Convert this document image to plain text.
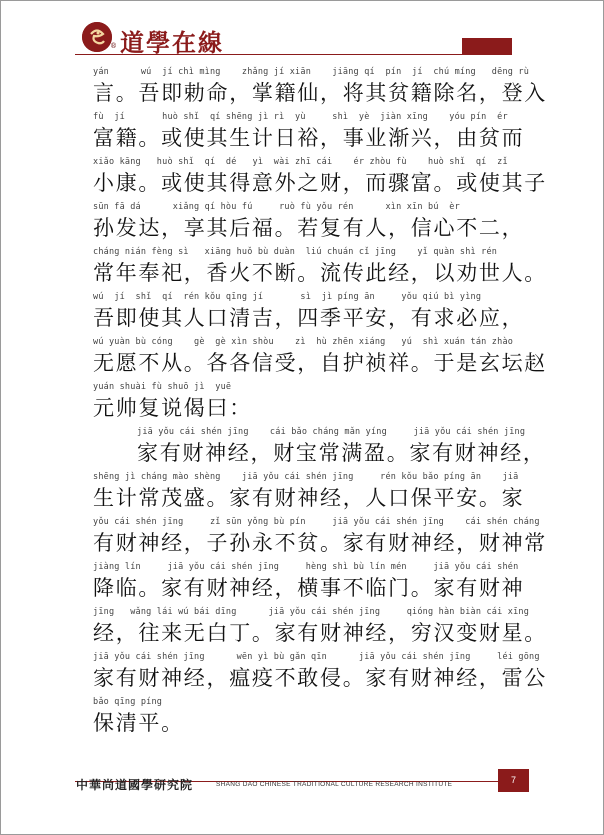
® 道學在線
yán      wú  jí chì mìng    zhǎng jí xiān    jiāng qí  pín  jí  chú míng   dēng rù
言。吾即勅命，掌籍仙，将其贫籍除名，登入
fù  jí       huò shǐ  qí shēng jì rì  yù     shì  yè  jiàn xīng    yóu pín  ér
富籍。或使其生计日裕，事业渐兴，由贫而
xiǎo kāng   huò shǐ  qí  dé   yì  wài zhī cái    ér zhòu fù    huò shǐ  qí  zǐ
小康。或使其得意外之财，而骤富。或使其子
sūn fā dá      xiǎng qí hòu fú     ruò fù yǒu rén      xìn xīn bú  èr
孙发达，享其后福。若复有人，信心不二，
cháng nián fèng sì   xiāng huǒ bù duàn  liú chuán cǐ jīng    yǐ quàn shì rén
常年奉祀，香火不断。流传此经，以劝世人。
wú  jí  shǐ  qí  rén kǒu qīng jí       sì  jì píng ān     yǒu qiú bì yìng
吾即使其人口清吉，四季平安，有求必应，
wú yuàn bù cóng    gè  gè xìn shòu    zì  hù zhēn xiáng   yú  shì xuán tán zhào
无愿不从。各各信受，自护祯祥。于是玄坛赵
yuán shuài fù shuō jì  yuē
元帅复说偈曰：
jiā yǒu cái shén jīng    cái bǎo cháng mǎn yíng     jiā yǒu cái shén jīng
家有财神经，财宝常满盈。家有财神经，
shēng jì cháng mào shèng    jiā yǒu cái shén jīng     rén kǒu bǎo píng ān    jiā
生计常茂盛。家有财神经，人口保平安。家
yǒu cái shén jīng     zǐ sūn yǒng bù pín     jiā yǒu cái shén jīng    cái shén cháng
有财神经，子孙永不贫。家有财神经，财神常
jiàng lín     jiā yǒu cái shén jīng     hèng shì bù lín mén     jiā yǒu cái shén
降临。家有财神经，横事不临门。家有财神
jīng   wǎng lái wú bái dīng      jiā yǒu cái shén jīng     qióng hàn biàn cái xīng
经，往来无白丁。家有财神经，穷汉变财星。
jiā yǒu cái shén jīng      wēn yì bù gǎn qīn      jiā yǒu cái shén jīng     léi gōng
家有财神经，瘟疫不敢侵。家有财神经，雷公
bǎo qīng píng
保清平。
中華尚道國學研究院	SHANG DAO CHINESE TRADITIONAL CULTURE RESEARCH INSTITUTE	7
